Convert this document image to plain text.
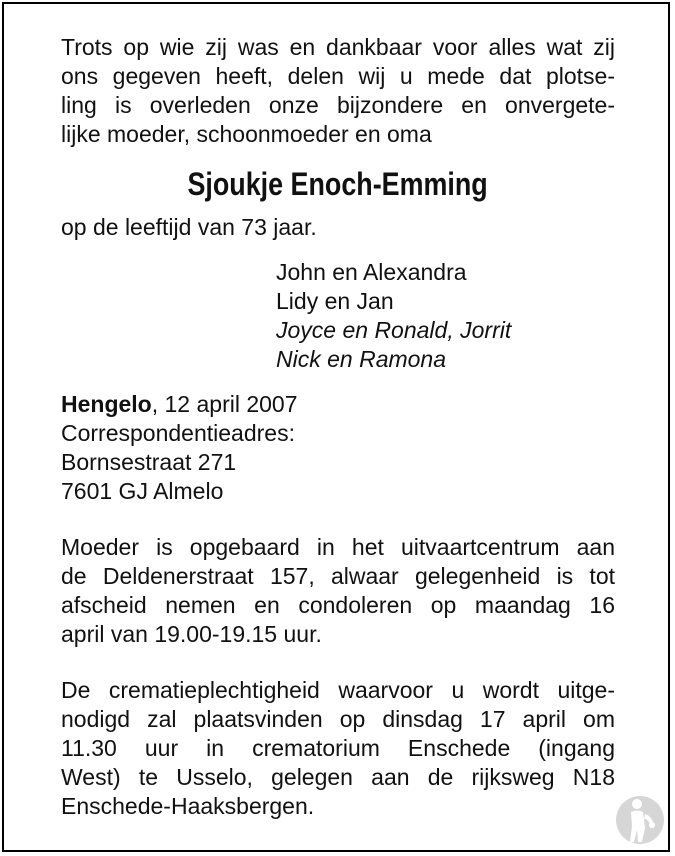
Trots op wie zij was en dankbaar voor alles wat zij
ons gegeven heeft, delen wij u mede dat plotse-
ling is overleden onze bijzondere en onvergete-
lijke moeder, schoonmoeder en oma
Sjoukje Enoch-Emming
op de leeftijd van 73 jaar.
John en Alexandra
Lidy en Jan
Joyce en Ronald, Jorrit
Nick en Ramona
Hengelo, 12 april 2007
Correspondentieadres:
Bornsestraat 271
7601 GJ Almelo
Moeder is opgebaard in het uitvaartcentrum aan
de Deldenerstraat 157, alwaar gelegenheid is tot
afscheid nemen en condoleren op maandag 16
april van 19.00-19.15 uur.
De crematieplechtigheid waarvoor u wordt uitge-
nodigd zal plaatsvinden op dinsdag 17 april om
11.30 uur in crematorium Enschede (ingang
West) te Usselo, gelegen aan de rijksweg N18
Enschede-Haaksbergen.
